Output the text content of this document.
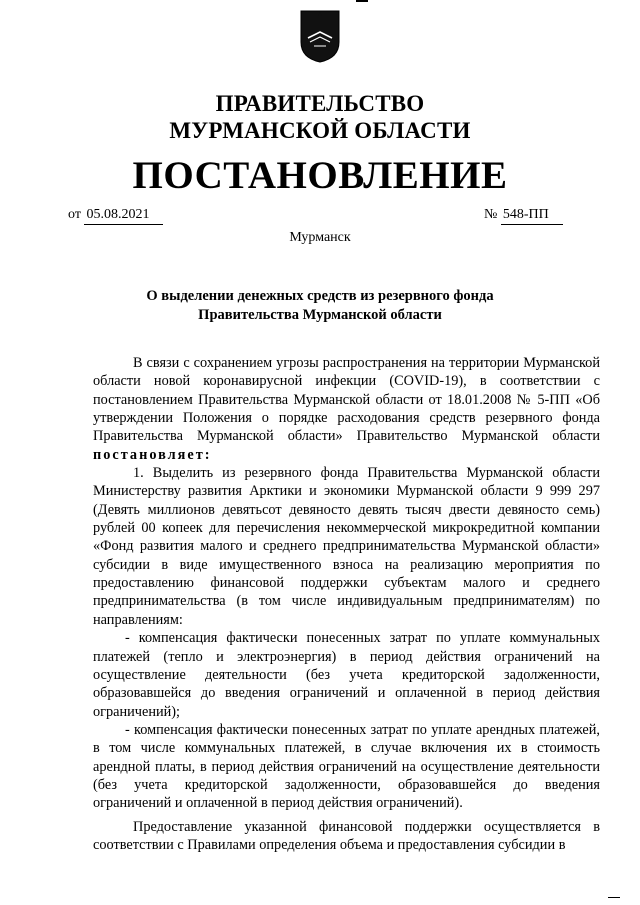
ПРАВИТЕЛЬСТВО
МУРМАНСКОЙ ОБЛАСТИ
ПОСТАНОВЛЕНИЕ
от 05.08.2021	№ 548-ПП
Мурманск
О выделении денежных средств из резервного фонда
Правительства Мурманской области

В связи с сохранением угрозы распространения на территории Мурманской области новой коронавирусной инфекции (COVID-19), в соответствии с постановлением Правительства Мурманской области от 18.01.2008 № 5-ПП «Об утверждении Положения о порядке расходования средств резервного фонда Правительства Мурманской области» Правительство Мурманской области постановляет:

1. Выделить из резервного фонда Правительства Мурманской области Министерству развития Арктики и экономики Мурманской области 9 999 297 (Девять миллионов девятьсот девяносто девять тысяч двести девяносто семь) рублей 00 копеек для перечисления некоммерческой микрокредитной компании «Фонд развития малого и среднего предпринимательства Мурманской области» субсидии в виде имущественного взноса на реализацию мероприятия по предоставлению финансовой поддержки субъектам малого и среднего предпринимательства (в том числе индивидуальным предпринимателям) по направлениям:

- компенсация фактически понесенных затрат по уплате коммунальных платежей (тепло и электроэнергия) в период действия ограничений на осуществление деятельности (без учета кредиторской задолженности, образовавшейся до введения ограничений и оплаченной в период действия ограничений);

- компенсация фактически понесенных затрат по уплате арендных платежей, в том числе коммунальных платежей, в случае включения их в стоимость арендной платы, в период действия ограничений на осуществление деятельности (без учета кредиторской задолженности, образовавшейся до введения ограничений и оплаченной в период действия ограничений).

Предоставление указанной финансовой поддержки осуществляется в соответствии с Правилами определения объема и предоставления субсидии в
